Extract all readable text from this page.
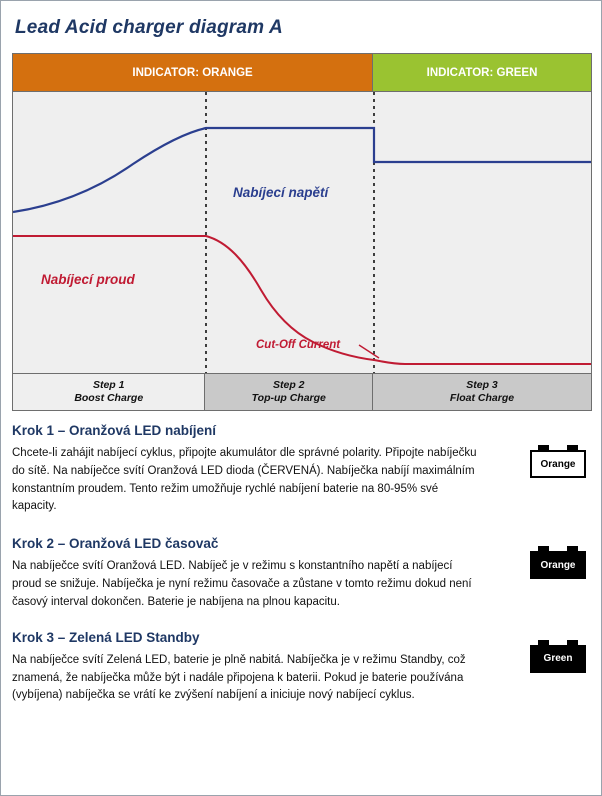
Lead Acid charger diagram A
INDICATOR: ORANGE	INDICATOR: GREEN
Nabíjecí napětí
Nabíjecí proud
Cut-Off Current
Step 1
Boost Charge
Step 2
Top-up Charge
Step 3
Float Charge
Krok 1 – Oranžová LED nabíjení

Chcete-li zahájit nabíjecí cyklus, připojte akumulátor dle správné polarity. Připojte nabíječku do sítě. Na nabíječce svítí Oranžová LED dioda (ČERVENÁ). Nabíječka nabíjí maximálním konstantním proudem. Tento režim umožňuje rychlé nabíjení baterie na 80-95% své kapacity.

Orange
Krok 2 – Oranžová LED časovač

Na nabíječce svítí Oranžová LED. Nabíječ je v režimu s konstantního napětí a nabíjecí proud se snižuje. Nabíječka je nyní režimu časovače a zůstane v tomto režimu dokud není časový interval dokončen. Baterie je nabíjena na plnou kapacitu.

Orange
Krok 3 – Zelená LED Standby

Na nabíječce svítí Zelená LED, baterie je plně nabitá. Nabíječka je v režimu Standby, což znamená, že nabíječka může být i nadále připojena k baterii. Pokud je baterie používána (vybíjena) nabíječka se vrátí ke zvýšení nabíjení a iniciuje nový nabíjecí cyklus.

Green
